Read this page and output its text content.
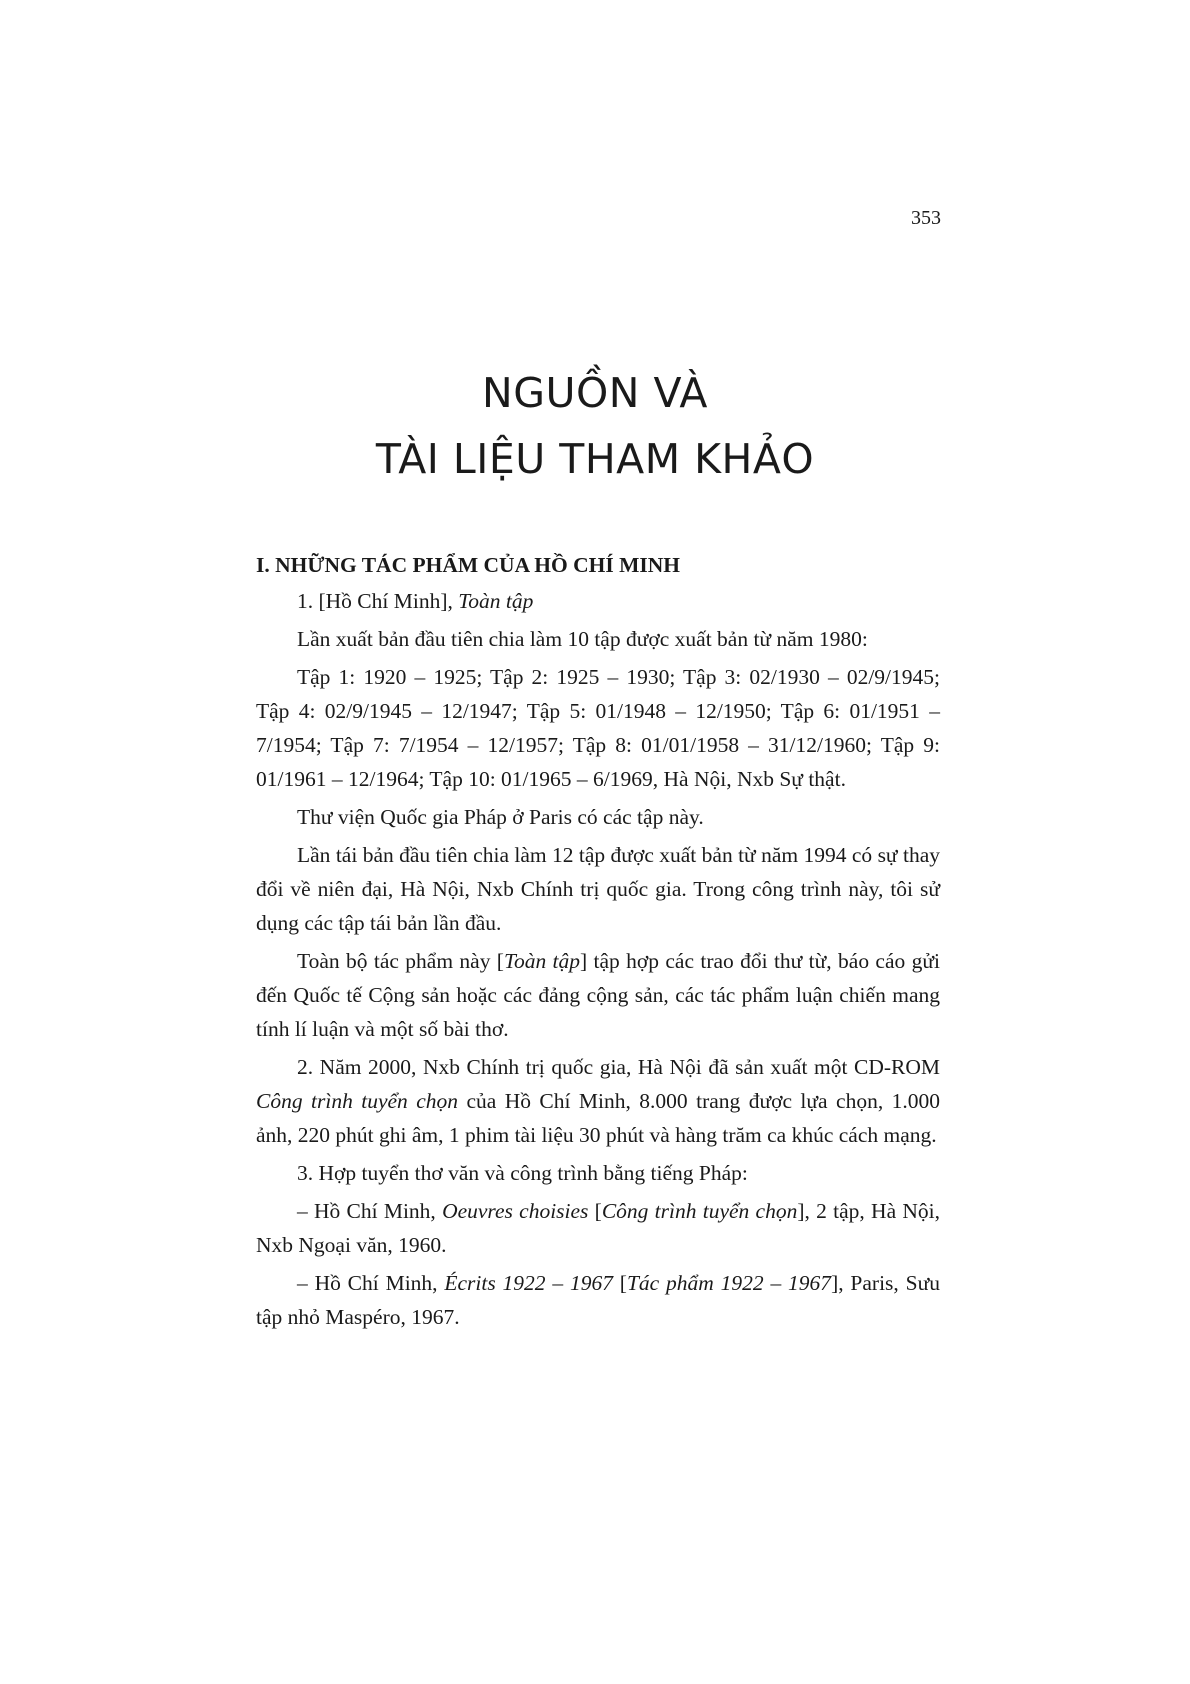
353
NGUỒN VÀ
TÀI LIỆU THAM KHẢO
I. NHỮNG TÁC PHẨM CỦA HỒ CHÍ MINH

1. [Hồ Chí Minh], Toàn tập

Lần xuất bản đầu tiên chia làm 10 tập được xuất bản từ năm 1980:

Tập 1: 1920 – 1925; Tập 2: 1925 – 1930; Tập 3: 02/1930 – 02/9/1945; Tập 4: 02/9/1945 – 12/1947; Tập 5: 01/1948 – 12/1950; Tập 6: 01/1951 – 7/1954; Tập 7: 7/1954 – 12/1957; Tập 8: 01/01/1958 – 31/12/1960; Tập 9: 01/1961 – 12/1964; Tập 10: 01/1965 – 6/1969, Hà Nội, Nxb Sự thật.

Thư viện Quốc gia Pháp ở Paris có các tập này.

Lần tái bản đầu tiên chia làm 12 tập được xuất bản từ năm 1994 có sự thay đổi về niên đại, Hà Nội, Nxb Chính trị quốc gia. Trong công trình này, tôi sử dụng các tập tái bản lần đầu.

Toàn bộ tác phẩm này [Toàn tập] tập hợp các trao đổi thư từ, báo cáo gửi đến Quốc tế Cộng sản hoặc các đảng cộng sản, các tác phẩm luận chiến mang tính lí luận và một số bài thơ.

2. Năm 2000, Nxb Chính trị quốc gia, Hà Nội đã sản xuất một CD-ROM Công trình tuyển chọn của Hồ Chí Minh, 8.000 trang được lựa chọn, 1.000 ảnh, 220 phút ghi âm, 1 phim tài liệu 30 phút và hàng trăm ca khúc cách mạng.

3. Hợp tuyển thơ văn và công trình bằng tiếng Pháp:

– Hồ Chí Minh, Oeuvres choisies [Công trình tuyển chọn], 2 tập, Hà Nội, Nxb Ngoại văn, 1960.

– Hồ Chí Minh, Écrits 1922 – 1967 [Tác phẩm 1922 – 1967], Paris, Sưu tập nhỏ Maspéro, 1967.
